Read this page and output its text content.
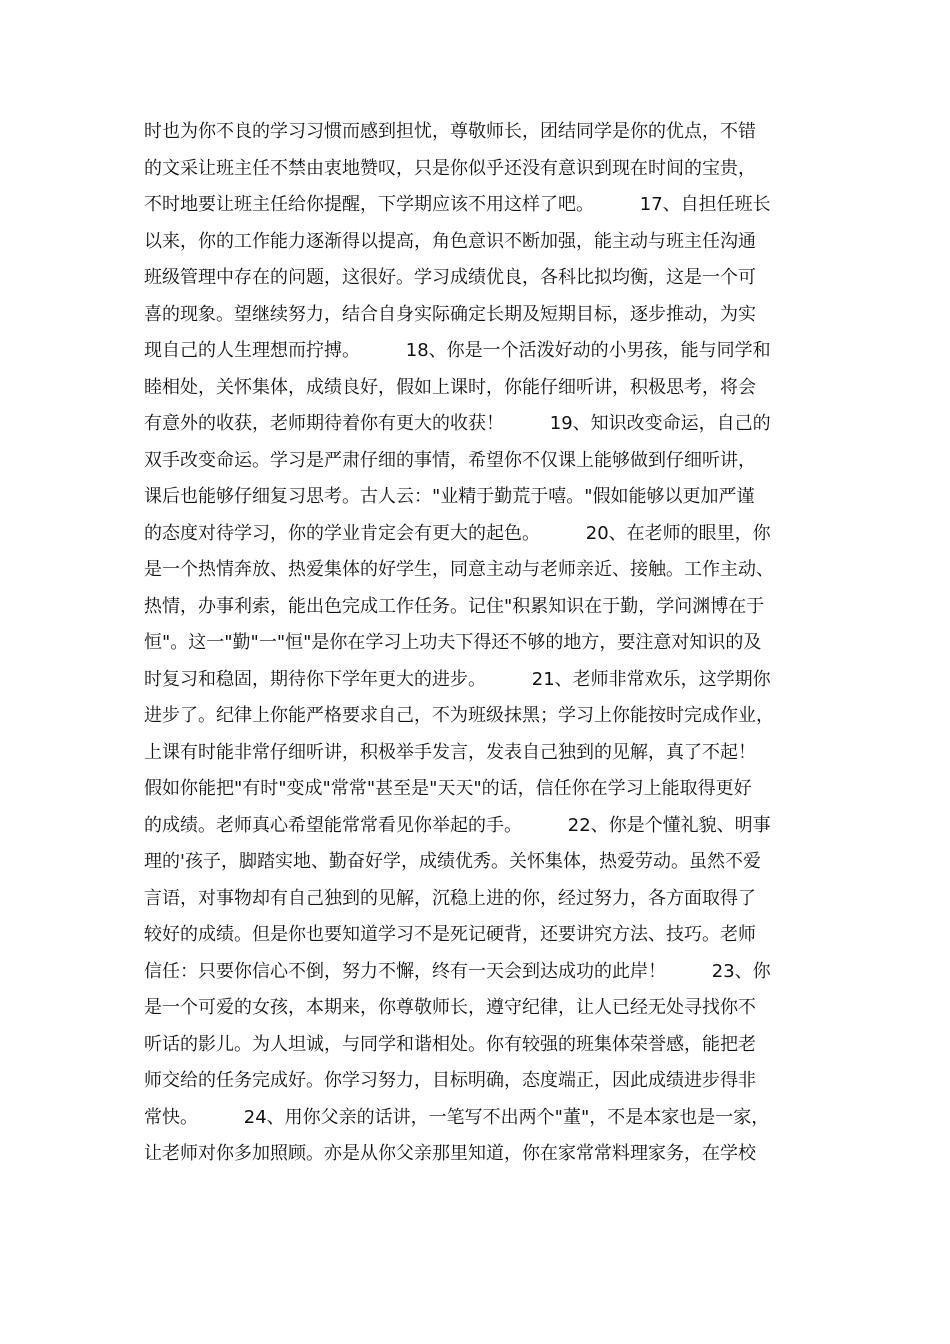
时也为你不良的学习习惯而感到担忧，尊敬师长，团结同学是你的优点，不错
的文采让班主任不禁由衷地赞叹，只是你似乎还没有意识到现在时间的宝贵，
不时地要让班主任给你提醒，下学期应该不用这样了吧。        17、自担任班长
以来，你的工作能力逐渐得以提高，角色意识不断加强，能主动与班主任沟通
班级管理中存在的问题，这很好。学习成绩优良，各科比拟均衡，这是一个可
喜的现象。望继续努力，结合自身实际确定长期及短期目标，逐步推动，为实
现自己的人生理想而拧搏。        18、你是一个活泼好动的小男孩，能与同学和
睦相处，关怀集体，成绩良好，假如上课时，你能仔细听讲，积极思考，将会
有意外的收获，老师期待着你有更大的收获！        19、知识改变命运，自己的
双手改变命运。学习是严肃仔细的事情，希望你不仅课上能够做到仔细听讲，
课后也能够仔细复习思考。古人云："业精于勤荒于嘻。"假如能够以更加严谨
的态度对待学习，你的学业肯定会有更大的起色。        20、在老师的眼里，你
是一个热情奔放、热爱集体的好学生，同意主动与老师亲近、接触。工作主动、
热情，办事利索，能出色完成工作任务。记住"积累知识在于勤，学问渊博在于
恒"。这一"勤"一"恒"是你在学习上功夫下得还不够的地方，要注意对知识的及
时复习和稳固，期待你下学年更大的进步。        21、老师非常欢乐，这学期你
进步了。纪律上你能严格要求自己，不为班级抹黑；学习上你能按时完成作业，
上课有时能非常仔细听讲，积极举手发言，发表自己独到的见解，真了不起！
假如你能把"有时"变成"常常"甚至是"天天"的话，信任你在学习上能取得更好
的成绩。老师真心希望能常常看见你举起的手。        22、你是个懂礼貌、明事
理的'孩子，脚踏实地、勤奋好学，成绩优秀。关怀集体，热爱劳动。虽然不爱
言语，对事物却有自己独到的见解，沉稳上进的你，经过努力，各方面取得了
较好的成绩。但是你也要知道学习不是死记硬背，还要讲究方法、技巧。老师
信任：只要你信心不倒，努力不懈，终有一天会到达成功的此岸！        23、你
是一个可爱的女孩，本期来，你尊敬师长，遵守纪律，让人已经无处寻找你不
听话的影儿。为人坦诚，与同学和谐相处。你有较强的班集体荣誉感，能把老
师交给的任务完成好。你学习努力，目标明确，态度端正，因此成绩进步得非
常快。        24、用你父亲的话讲，一笔写不出两个"董"，不是本家也是一家，
让老师对你多加照顾。亦是从你父亲那里知道，你在家常常料理家务，在学校
